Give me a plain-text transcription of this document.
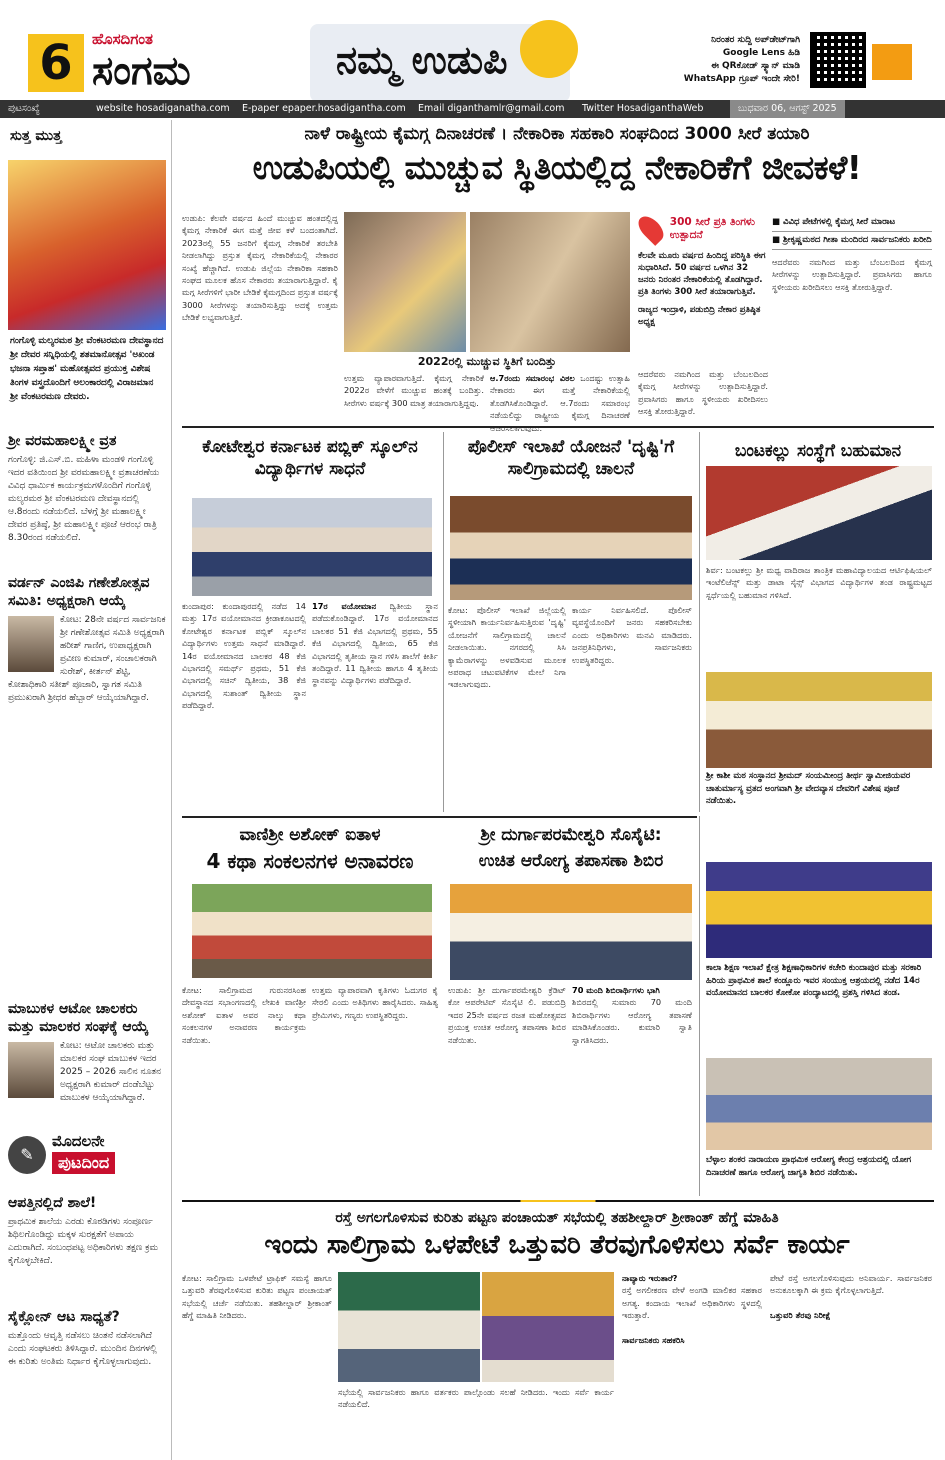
6	ಹೊಸದಿಗಂತ
ಸಂಗಮ	ನಮ್ಮ ಉಡುಪಿ	ನಿರಂತರ ಸುದ್ದಿ ಅಪ್‌ಡೇಟ್‌ಗಾಗಿ
Google Lens ಹಿಡಿ
ಈ QRಕೋಡ್ ಸ್ಕ್ಯಾನ್ ಮಾಡಿ
WhatsApp ಗ್ರೂಪ್ ಇಂದೇ ಸೇರಿ!
ಪುಟಸಂಖ್ಯೆ	website hosadiganatha.com E-paper epaper.hosadigantha.com Email diganthamlr@gmail.com Twitter HosadiganthaWeb	ಬುಧವಾರ 06, ಆಗಸ್ಟ್ 2025
ಸುತ್ತ ಮುತ್ತ
ಗಂಗೊಳ್ಳಿ ಮಲ್ಯರಮಠ ಶ್ರೀ ವೆಂಕಟರಮಣ ದೇವಸ್ಥಾನದ ಶ್ರೀ ದೇವರ ಸನ್ನಿಧಿಯಲ್ಲಿ ಶತಮಾನೋತ್ಸವ 'ಅಖಂಡ ಭಜನಾ ಸಪ್ತಾಹ' ಮಹೋತ್ಸವದ ಪ್ರಯುಕ್ತ ವಿಶೇಷ ತಿಂಗಳ ವಸ್ತ್ರದೊಂದಿಗೆ ಅಲಂಕಾರದಲ್ಲಿ ವಿರಾಜಮಾನ ಶ್ರೀ ವೆಂಕಟರಮಣ ದೇವರು.
ಶ್ರೀ ವರಮಹಾಲಕ್ಷ್ಮೀ ವ್ರತ

ಗಂಗೊಳ್ಳಿ: ಜಿ.ಎಸ್.ಬಿ. ಮಹಿಳಾ ಮಂಡಳಿ ಗಂಗೊಳ್ಳಿ ಇದರ ವತಿಯಿಂದ ಶ್ರೀ ವರಮಹಾಲಕ್ಷ್ಮೀ ವ್ರತಾಚರಣೆಯ ವಿವಿಧ ಧಾರ್ಮಿಕ ಕಾರ್ಯಕ್ರಮಗಳೊಂದಿಗೆ ಗಂಗೊಳ್ಳಿ ಮಲ್ಯರಮಠ ಶ್ರೀ ವೆಂಕಟರಮಣ ದೇವಸ್ಥಾನದಲ್ಲಿ ಆ.8ರಂದು ನಡೆಯಲಿದೆ. ಬೆಳಗ್ಗೆ ಶ್ರೀ ಮಹಾಲಕ್ಷ್ಮೀ ದೇವರ ಪ್ರತಿಷ್ಠೆ, ಶ್ರೀ ಮಹಾಲಕ್ಷ್ಮೀ ಪೂಜೆ ಆರಂಭ ರಾತ್ರಿ 8.30ರಂದ ನಡೆಯಲಿದೆ.

ವರ್ಡನ್ ಎಂಜಿಪಿ ಗಣೇಶೋತ್ಸವ ಸಮಿತಿ: ಅಧ್ಯಕ್ಷರಾಗಿ ಆಯ್ಕೆ

ಕೋಟ: 28ನೇ ವರ್ಷದ ಸಾರ್ವಜನಿಕ ಶ್ರೀ ಗಣೇಶೋತ್ಸವ ಸಮಿತಿ ಅಧ್ಯಕ್ಷರಾಗಿ ಹರೀಶ್ ಗಾಣಿಗ, ಉಪಾಧ್ಯಕ್ಷರಾಗಿ ಪ್ರವೀಣ ಕುಮಾರ್, ಸಂಚಾಲಕರಾಗಿ ಸುರೇಶ್, ಕೀರ್ತನ್ ಶೆಟ್ಟಿ, ಕೋಶಾಧಿಕಾರಿ ಸತೀಶ್ ಪೂಜಾರಿ, ಸ್ವಾಗತ ಸಮಿತಿ ಪ್ರಮುಖರಾಗಿ ಶ್ರೀಧರ ಹೆಬ್ಬಾರ್ ಆಯ್ಕೆಯಾಗಿದ್ದಾರೆ.

ಮಾಬುಕಳ ಆಟೋ ಚಾಲಕರು ಮತ್ತು ಮಾಲಕರ ಸಂಘಕ್ಕೆ ಆಯ್ಕೆ

ಕೋಟ: ಆಟೋ ಚಾಲಕರು ಮತ್ತು ಮಾಲಕರ ಸಂಘ ಮಾಬುಕಳ ಇದರ 2025 – 2026 ಸಾಲಿನ ನೂತನ ಅಧ್ಯಕ್ಷರಾಗಿ ಕುಮಾರ್ ದಂಡೆಬೆಟ್ಟು ಮಾಬುಕಳ ಆಯ್ಕೆಯಾಗಿದ್ದಾರೆ.

✎
ಮೊದಲನೇ
ಪುಟದಿಂದ
ಆಪತ್ತಿನಲ್ಲಿದೆ ಶಾಲೆ!

ಪ್ರಾಥಮಿಕ ಶಾಲೆಯ ಎರಡು ಕೊಠಡಿಗಳು ಸಂಪೂರ್ಣ ಶಿಥಿಲಗೊಂಡಿದ್ದು ಮಕ್ಕಳ ಸುರಕ್ಷತೆಗೆ ಅಪಾಯ ಎದುರಾಗಿದೆ. ಸಂಬಂಧಪಟ್ಟ ಅಧಿಕಾರಿಗಳು ತಕ್ಷಣ ಕ್ರಮ ಕೈಗೊಳ್ಳಬೇಕಿದೆ.

ಸೈಕ್ಲೋನ್ ಆಟ ಸಾಧ್ಯತೆ?

ಮತ್ತೊಂದು ಆವೃತ್ತಿ ನಡೆಸಲು ಚಿಂತನೆ ನಡೆಸಲಾಗಿದೆ ಎಂದು ಸಂಘಟಕರು ತಿಳಿಸಿದ್ದಾರೆ. ಮುಂದಿನ ದಿನಗಳಲ್ಲಿ ಈ ಕುರಿತು ಅಂತಿಮ ನಿರ್ಧಾರ ಕೈಗೊಳ್ಳಲಾಗುವುದು.

ನಾಳೆ ರಾಷ್ಟ್ರೀಯ ಕೈಮಗ್ಗ ದಿನಾಚರಣೆ । ನೇಕಾರಿಕಾ ಸಹಕಾರಿ ಸಂಘದಿಂದ 3000 ಸೀರೆ ತಯಾರಿ
ಉಡುಪಿಯಲ್ಲಿ ಮುಚ್ಚುವ ಸ್ಥಿತಿಯಲ್ಲಿದ್ದ ನೇಕಾರಿಕೆಗೆ ಜೀವಕಳೆ!
ಉಡುಪಿ: ಕೆಲವೇ ವರ್ಷದ ಹಿಂದೆ ಮುಚ್ಚುವ ಹಂತದಲ್ಲಿದ್ದ ಕೈಮಗ್ಗ ನೇಕಾರಿಕೆ ಈಗ ಮತ್ತೆ ಜೀವ ಕಳೆ ಬಂದಂತಾಗಿದೆ. 2023ರಲ್ಲಿ 55 ಜನರಿಗೆ ಕೈಮಗ್ಗ ನೇಕಾರಿಕೆ ತರಬೇತಿ ನೀಡಲಾಗಿದ್ದು ಪ್ರಸ್ತುತ ಕೈಮಗ್ಗ ನೇಕಾರಿಕೆಯಲ್ಲಿ ನೇಕಾರರ ಸಂಖ್ಯೆ ಹೆಚ್ಚಾಗಿದೆ. ಉಡುಪಿ ಜಿಲ್ಲೆಯ ನೇಕಾರಿಕಾ ಸಹಕಾರಿ ಸಂಘದ ಮೂಲಕ ಹೊಸ ನೇಕಾರರು ತಯಾರಾಗುತ್ತಿದ್ದಾರೆ. ಕೈ ಮಗ್ಗ ಸೀರೆಗಳಿಗೆ ಭಾರೀ ಬೇಡಿಕೆ ಕೈಮಗ್ಗದಿಂದ ಪ್ರಸ್ತುತ ವರ್ಷಕ್ಕೆ 3000 ಸೀರೆಗಳನ್ನು ತಯಾರಿಸುತ್ತಿದ್ದು ಅದಕ್ಕೆ ಉತ್ತಮ ಬೇಡಿಕೆ ಲಭ್ಯವಾಗುತ್ತಿದೆ.
2022ರಲ್ಲಿ ಮುಚ್ಚುವ ಸ್ಥಿತಿಗೆ ಬಂದಿತ್ತು
ಉತ್ತಮ ವ್ಯಾಪಾರವಾಗುತ್ತಿದೆ. ಕೈಮಗ್ಗ ನೇಕಾರಿಕೆ 2022ರ ವೇಳೆಗೆ ಮುಚ್ಚುವ ಹಂತಕ್ಕೆ ಬಂದಿತ್ತು. ಸೀರೆಗಳು ವರ್ಷಕ್ಕೆ 300 ಮಾತ್ರ ತಯಾರಾಗುತ್ತಿದ್ದವು.
ಆ.7ರಂದು ಸಮಾರಂಭ ವಿಠಲ ಒಂದಷ್ಟು ಉತ್ಸಾಹಿ ನೇಕಾರರು ಈಗ ಮತ್ತೆ ನೇಕಾರಿಕೆಯಲ್ಲಿ ತೊಡಗಿಸಿಕೊಂಡಿದ್ದಾರೆ. ಆ.7ರಂದು ಸಮಾರಂಭ ನಡೆಯಲಿದ್ದು ರಾಷ್ಟ್ರೀಯ ಕೈಮಗ್ಗ ದಿನಾಚರಣೆ
300 ಸೀರೆ ಪ್ರತಿ ತಿಂಗಳು ಉತ್ಪಾದನೆ
ಕೆಲವೇ ಮೂರು ವರ್ಷದ ಹಿಂದಿದ್ದ ಪರಿಸ್ಥಿತಿ ಈಗ ಸುಧಾರಿಸಿದೆ. 50 ವರ್ಷದ ಒಳಗಿನ 32 ಜನರು ನಿರಂತರ ನೇಕಾರಿಕೆಯಲ್ಲಿ ತೊಡಗಿದ್ದಾರೆ. ಪ್ರತಿ ತಿಂಗಳು 300 ಸೀರೆ ತಯಾರಾಗುತ್ತಿವೆ.
ರಾಜ್ಯದ ಇಂದ್ರಾಳಿ, ಪಡುಬಿದ್ರಿ ನೇಕಾರ ಪ್ರತಿಷ್ಠಿತ ಅಧ್ಯಕ್ಷ
ಆದರೆವರು ನಮಗಿಂದ ಮತ್ತು ಬೆಂಬಲದಿಂದ ಕೈಮಗ್ಗ ಸೀರೆಗಳನ್ನು ಉತ್ಪಾದಿಸುತ್ತಿದ್ದಾರೆ. ಪ್ರವಾಸಿಗರು ಹಾಗೂ ಸ್ಥಳೀಯರು ಖರೀದಿಸಲು ಆಸಕ್ತಿ ತೋರುತ್ತಿದ್ದಾರೆ.
■ ವಿವಿಧ ಪೇಟೆಗಳಲ್ಲಿ ಕೈಮಗ್ಗ ಸೀರೆ ಮಾರಾಟ
■ ಶ್ರೀಕೃಷ್ಣಮಠದ ಗೀತಾ ಮಂದಿರದ ಸಾರ್ವಜನಿಕರು ಖರೀದಿ
ಆದರೆವರು ನಮಗಿಂದ ಮತ್ತು ಬೆಂಬಲದಿಂದ ಕೈಮಗ್ಗ ಸೀರೆಗಳನ್ನು ಉತ್ಪಾದಿಸುತ್ತಿದ್ದಾರೆ. ಪ್ರವಾಸಿಗರು ಹಾಗೂ ಸ್ಥಳೀಯರು ಖರೀದಿಸಲು ಆಸಕ್ತಿ ತೋರುತ್ತಿದ್ದಾರೆ.
ಕೋಟೇಶ್ವರ ಕರ್ನಾಟಕ ಪಬ್ಲಿಕ್ ಸ್ಕೂಲ್‌ನ ವಿದ್ಯಾರ್ಥಿಗಳ ಸಾಧನೆ
ಕುಂದಾಪುರ: ಕುಂದಾಪುರದಲ್ಲಿ ನಡೆದ 14 ಮತ್ತು 17ರ ವಯೋಮಾನದ ಕ್ರೀಡಾಕೂಟದಲ್ಲಿ ಕೋಟೇಶ್ವರ ಕರ್ನಾಟಕ ಪಬ್ಲಿಕ್ ಸ್ಕೂಲ್‌ನ ವಿದ್ಯಾರ್ಥಿಗಳು ಉತ್ತಮ ಸಾಧನೆ ಮಾಡಿದ್ದಾರೆ. 14ರ ವಯೋಮಾನದ ಬಾಲಕರ 48 ಕೆಜಿ ವಿಭಾಗದಲ್ಲಿ ಸಮರ್ಥ್ ಪ್ರಥಮ, 51 ಕೆಜಿ ವಿಭಾಗದಲ್ಲಿ ಸಚಿನ್ ದ್ವಿತೀಯ, 38 ಕೆಜಿ ವಿಭಾಗದಲ್ಲಿ ಸುಶಾಂತ್ ದ್ವಿತೀಯ ಸ್ಥಾನ ಪಡೆದಿದ್ದಾರೆ.
17ರ ವಯೋಮಾನ ದ್ವಿತೀಯ ಸ್ಥಾನ ಪಡೆದುಕೊಂಡಿದ್ದಾರೆ. 17ರ ವಯೋಮಾನದ ಬಾಲಕರ 51 ಕೆಜಿ ವಿಭಾಗದಲ್ಲಿ ಪ್ರಥಮ, 55 ಕೆಜಿ ವಿಭಾಗದಲ್ಲಿ ದ್ವಿತೀಯ, 65 ಕೆಜಿ ವಿಭಾಗದಲ್ಲಿ ತೃತೀಯ ಸ್ಥಾನ ಗಳಿಸಿ ಶಾಲೆಗೆ ಕೀರ್ತಿ ತಂದಿದ್ದಾರೆ. 11 ದ್ವಿತೀಯ ಹಾಗೂ 4 ತೃತೀಯ ಸ್ಥಾನವನ್ನು ವಿದ್ಯಾರ್ಥಿಗಳು ಪಡೆದಿದ್ದಾರೆ.
ಪೊಲೀಸ್ ಇಲಾಖೆ ಯೋಜನೆ 'ದೃಷ್ಟಿ'ಗೆ ಸಾಲಿಗ್ರಾಮದಲ್ಲಿ ಚಾಲನೆ
ಕೋಟ: ಪೊಲೀಸ್ ಇಲಾಖೆ ಜಿಲ್ಲೆಯಲ್ಲಿ ಸ್ಥಳೀಯಾಗಿ ಕಾರ್ಯನಿರ್ವಹಿಸುತ್ತಿರುವ 'ದೃಷ್ಟಿ' ಯೋಜನೆಗೆ ಸಾಲಿಗ್ರಾಮದಲ್ಲಿ ಚಾಲನೆ ನೀಡಲಾಯಿತು. ನಗರದಲ್ಲಿ ಸಿಸಿ ಕ್ಯಾಮೆರಾಗಳನ್ನು ಅಳವಡಿಸುವ ಮೂಲಕ ಅಪರಾಧ ಚಟುವಟಿಕೆಗಳ ಮೇಲೆ ನಿಗಾ ಇಡಲಾಗುವುದು.
ಕಾರ್ಯ ನಿರ್ವಹಿಸಲಿದೆ. ಪೊಲೀಸ್ ವ್ಯವಸ್ಥೆಯೊಂದಿಗೆ ಜನರು ಸಹಕರಿಸಬೇಕು ಎಂದು ಅಧಿಕಾರಿಗಳು ಮನವಿ ಮಾಡಿದರು. ಜನಪ್ರತಿನಿಧಿಗಳು, ಸಾರ್ವಜನಿಕರು ಉಪಸ್ಥಿತರಿದ್ದರು.
ಬಂಟಕಲ್ಲು ಸಂಸ್ಥೆಗೆ ಬಹುಮಾನ
ಶಿರ್ವ: ಬಂಟಕಲ್ಲು ಶ್ರೀ ಮಧ್ವ ವಾದಿರಾಜ ತಾಂತ್ರಿಕ ಮಹಾವಿದ್ಯಾಲಯದ ಆರ್ಟಿಫಿಷಿಯಲ್ ಇಂಟೆಲಿಜೆನ್ಸ್ ಮತ್ತು ಡಾಟಾ ಸೈನ್ಸ್ ವಿಭಾಗದ ವಿದ್ಯಾರ್ಥಿಗಳ ತಂಡ ರಾಷ್ಟ್ರಮಟ್ಟದ ಸ್ಪರ್ಧೆಯಲ್ಲಿ ಬಹುಮಾನ ಗಳಿಸಿದೆ.
ಶ್ರೀ ಕಾಶೀ ಮಠ ಸಂಸ್ಥಾನದ ಶ್ರೀಮದ್ ಸಂಯಮೀಂದ್ರ ತೀರ್ಥ ಸ್ವಾಮೀಜಿಯವರ ಚಾತುರ್ಮಾಸ್ಯ ವ್ರತದ ಅಂಗವಾಗಿ ಶ್ರೀ ವೇದವ್ಯಾಸ ದೇವರಿಗೆ ವಿಶೇಷ ಪೂಜೆ ನಡೆಯಿತು.
ವಾಣಿಶ್ರೀ ಅಶೋಕ್ ಐತಾಳ
4 ಕಥಾ ಸಂಕಲನಗಳ ಅನಾವರಣ
ಕೋಟ: ಸಾಲಿಗ್ರಾಮದ ಗುರುನರಸಿಂಹ ದೇವಸ್ಥಾನದ ಸಭಾಂಗಣದಲ್ಲಿ ಲೇಖಕಿ ವಾಣಿಶ್ರೀ ಅಶೋಕ್ ಐತಾಳ ಅವರ ನಾಲ್ಕು ಕಥಾ ಸಂಕಲನಗಳ ಅನಾವರಣ ಕಾರ್ಯಕ್ರಮ ನಡೆಯಿತು.
ಉತ್ತಮ ವ್ಯಾಪಾರವಾಗಿ ಕೃತಿಗಳು ಓದುಗರ ಕೈ ಸೇರಲಿ ಎಂದು ಅತಿಥಿಗಳು ಹಾರೈಸಿದರು. ಸಾಹಿತ್ಯ ಪ್ರೇಮಿಗಳು, ಗಣ್ಯರು ಉಪಸ್ಥಿತರಿದ್ದರು.
ಶ್ರೀ ದುರ್ಗಾಪರಮೇಶ್ವರಿ ಸೊಸೈಟಿ:
ಉಚಿತ ಆರೋಗ್ಯ ತಪಾಸಣಾ ಶಿಬಿರ
ಉಡುಪಿ: ಶ್ರೀ ದುರ್ಗಾಪರಮೇಶ್ವರಿ ಕ್ರೆಡಿಟ್ ಕೋ ಆಪರೇಟಿವ್ ಸೊಸೈಟಿ ಲಿ. ಪಡುಬಿದ್ರಿ ಇದರ 25ನೇ ವರ್ಷದ ರಜತ ಮಹೋತ್ಸವದ ಪ್ರಯುಕ್ತ ಉಚಿತ ಆರೋಗ್ಯ ತಪಾಸಣಾ ಶಿಬಿರ ನಡೆಯಿತು.
70 ಮಂದಿ ಶಿಬಿರಾರ್ಥಿಗಳು ಭಾಗಿ
ಶಿಬಿರದಲ್ಲಿ ಸುಮಾರು 70 ಮಂದಿ ಶಿಬಿರಾರ್ಥಿಗಳು ಆರೋಗ್ಯ ತಪಾಸಣೆ ಮಾಡಿಸಿಕೊಂಡರು. ಕುಮಾರಿ ಸ್ವಾತಿ ಸ್ವಾಗತಿಸಿದರು.
ಕಾಲಾ ಶಿಕ್ಷಣ ಇಲಾಖೆ ಕ್ಷೇತ್ರ ಶಿಕ್ಷಣಾಧಿಕಾರಿಗಳ ಕಚೇರಿ ಕುಂದಾಪುರ ಮತ್ತು ಸರಕಾರಿ ಹಿರಿಯ ಪ್ರಾಥಮಿಕ ಶಾಲೆ ಕಂಡ್ಲೂರು ಇವರ ಸಂಯುಕ್ತ ಆಶ್ರಯದಲ್ಲಿ ನಡೆದ 14ರ ವಯೋಮಾನದ ಬಾಲಕರ ಕೋಕೋ ಪಂದ್ಯಾಟದಲ್ಲಿ ಪ್ರಶಸ್ತಿ ಗಳಿಸಿದ ತಂಡ.
ಬೆಳ್ಳಾಲ ಶಂಕರ ನಾರಾಯಣ ಪ್ರಾಥಮಿಕ ಆರೋಗ್ಯ ಕೇಂದ್ರ ಆಶ್ರಯದಲ್ಲಿ ಯೋಗ ದಿನಾಚರಣೆ ಹಾಗೂ ಆರೋಗ್ಯ ಜಾಗೃತಿ ಶಿಬಿರ ನಡೆಯಿತು.
ರಸ್ತೆ ಅಗಲಗೊಳಿಸುವ ಕುರಿತು ಪಟ್ಟಣ ಪಂಚಾಯತ್ ಸಭೆಯಲ್ಲಿ ತಹಶೀಲ್ದಾರ್ ಶ್ರೀಕಾಂತ್ ಹೆಗ್ಡೆ ಮಾಹಿತಿ
ಇಂದು ಸಾಲಿಗ್ರಾಮ ಒಳಪೇಟೆ ಒತ್ತುವರಿ ತೆರವುಗೊಳಿಸಲು ಸರ್ವೆ ಕಾರ್ಯ
ಕೋಟ: ಸಾಲಿಗ್ರಾಮ ಒಳಪೇಟೆ ಟ್ರಾಫಿಕ್ ಸಮಸ್ಯೆ ಹಾಗೂ ಒತ್ತುವರಿ ತೆರವುಗೊಳಿಸುವ ಕುರಿತು ಪಟ್ಟಣ ಪಂಚಾಯತ್ ಸಭೆಯಲ್ಲಿ ಚರ್ಚೆ ನಡೆಯಿತು. ತಹಶೀಲ್ದಾರ್ ಶ್ರೀಕಾಂತ್ ಹೆಗ್ಡೆ ಮಾಹಿತಿ ನೀಡಿದರು.
ಸಭೆಯಲ್ಲಿ ಸಾರ್ವಜನಿಕರು ಹಾಗೂ ವರ್ತಕರು ಪಾಲ್ಗೊಂಡು ಸಲಹೆ ನೀಡಿದರು. ಇಂದು ಸರ್ವೆ ಕಾರ್ಯ ನಡೆಯಲಿದೆ.
ನಾವ್ಯಾರು ಇರುತಾರೆ?
ರಸ್ತೆ ಅಗಲೀಕರಣ ವೇಳೆ ಅಂಗಡಿ ಮಾಲಿಕರ ಸಹಕಾರ ಅಗತ್ಯ. ಕಂದಾಯ ಇಲಾಖೆ ಅಧಿಕಾರಿಗಳು ಸ್ಥಳದಲ್ಲಿ ಇರುತ್ತಾರೆ.

ಸಾರ್ವಜನಿಕರು ಸಹಕರಿಸಿ
ಪೇಟೆ ರಸ್ತೆ ಅಗಲಗೊಳಿಸುವುದು ಅನಿವಾರ್ಯ. ಸಾರ್ವಜನಿಕರ ಅನುಕೂಲಕ್ಕಾಗಿ ಈ ಕ್ರಮ ಕೈಗೊಳ್ಳಲಾಗುತ್ತಿದೆ.

ಒತ್ತುವರಿ ತೆರವು ನಿರೀಕ್ಷೆ
